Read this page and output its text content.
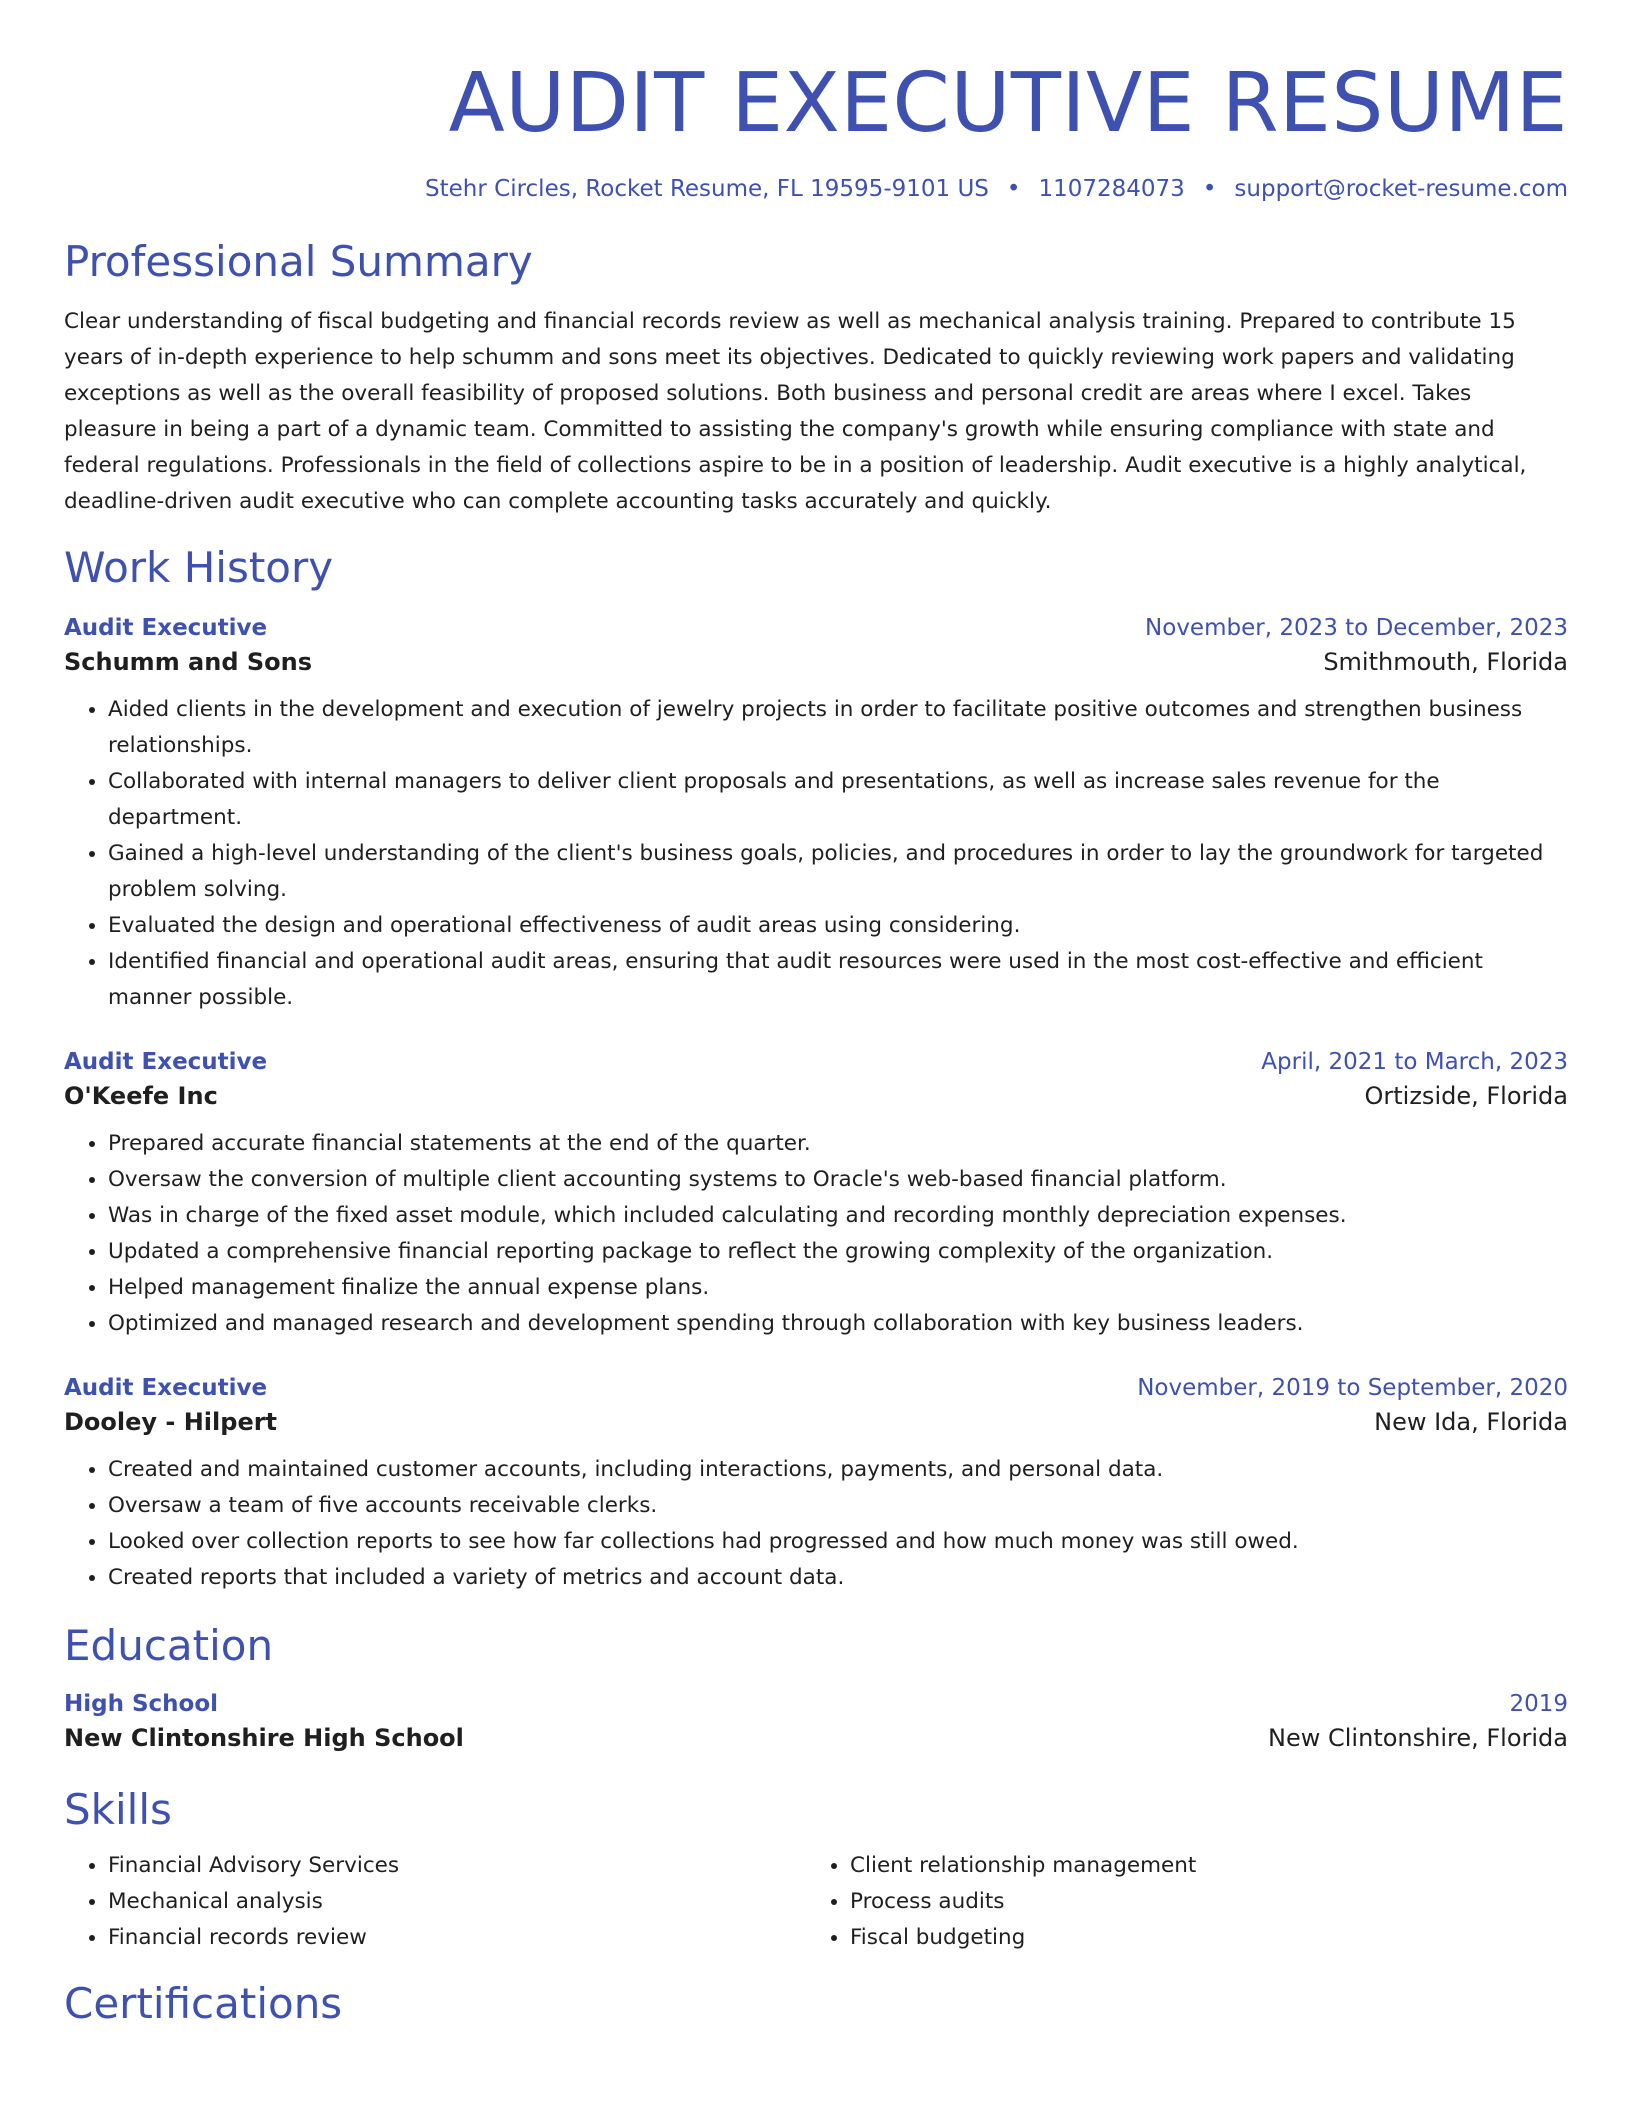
AUDIT EXECUTIVE RESUME
Stehr Circles, Rocket Resume, FL 19595-9101 US • 1107284073 • support@rocket-resume.com
Professional Summary

Clear understanding of fiscal budgeting and financial records review as well as mechanical analysis training. Prepared to contribute 15 years of in-depth experience to help schumm and sons meet its objectives. Dedicated to quickly reviewing work papers and validating exceptions as well as the overall feasibility of proposed solutions. Both business and personal credit are areas where I excel. Takes pleasure in being a part of a dynamic team. Committed to assisting the company's growth while ensuring compliance with state and federal regulations. Professionals in the field of collections aspire to be in a position of leadership. Audit executive is a highly analytical, deadline-driven audit executive who can complete accounting tasks accurately and quickly.

Work History
Audit Executive	November, 2023 to December, 2023
Schumm and Sons	Smithmouth, Florida
• Aided clients in the development and execution of jewelry projects in order to facilitate positive outcomes and strengthen business relationships.
• Collaborated with internal managers to deliver client proposals and presentations, as well as increase sales revenue for the department.
• Gained a high-level understanding of the client's business goals, policies, and procedures in order to lay the groundwork for targeted problem solving.
• Evaluated the design and operational effectiveness of audit areas using considering.
• Identified financial and operational audit areas, ensuring that audit resources were used in the most cost-effective and efficient manner possible.
Audit Executive	April, 2021 to March, 2023
O'Keefe Inc	Ortizside, Florida
• Prepared accurate financial statements at the end of the quarter.
• Oversaw the conversion of multiple client accounting systems to Oracle's web-based financial platform.
• Was in charge of the fixed asset module, which included calculating and recording monthly depreciation expenses.
• Updated a comprehensive financial reporting package to reflect the growing complexity of the organization.
• Helped management finalize the annual expense plans.
• Optimized and managed research and development spending through collaboration with key business leaders.
Audit Executive	November, 2019 to September, 2020
Dooley - Hilpert	New Ida, Florida
• Created and maintained customer accounts, including interactions, payments, and personal data.
• Oversaw a team of five accounts receivable clerks.
• Looked over collection reports to see how far collections had progressed and how much money was still owed.
• Created reports that included a variety of metrics and account data.
Education
High School	2019
New Clintonshire High School	New Clintonshire, Florida
Skills
• Financial Advisory Services
• Mechanical analysis
• Financial records review
• Client relationship management
• Process audits
• Fiscal budgeting
Certifications
